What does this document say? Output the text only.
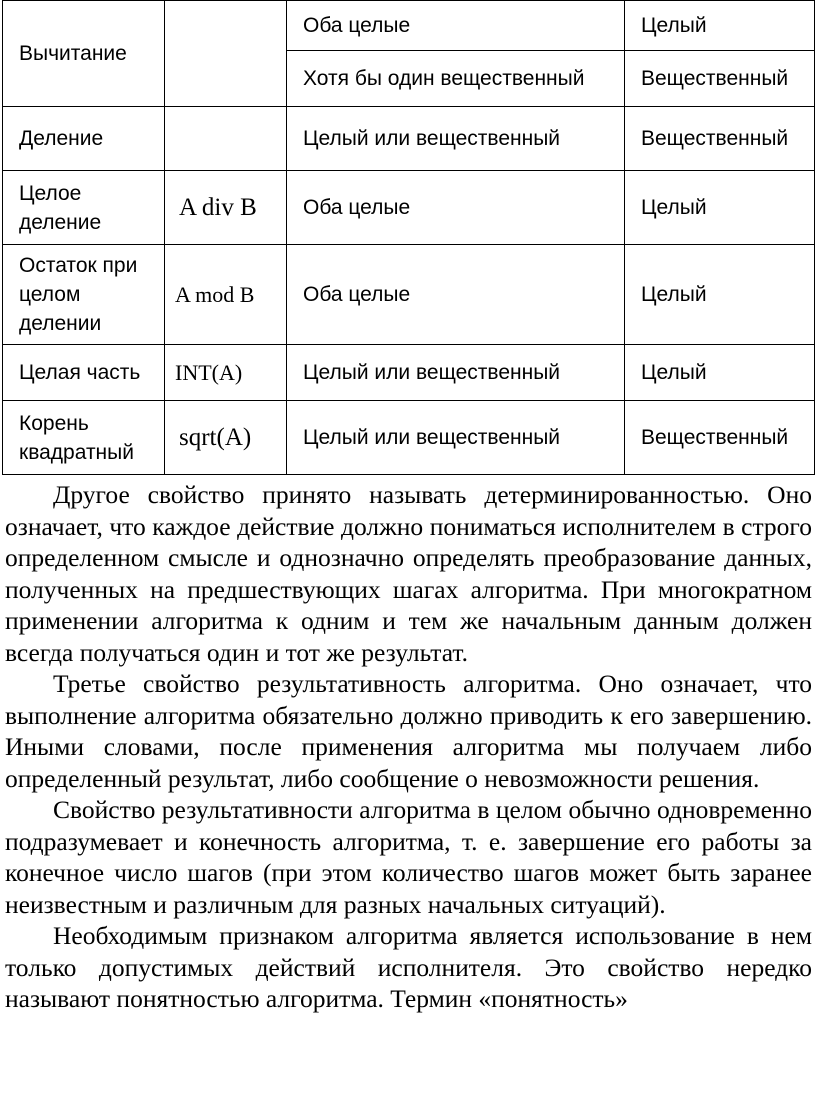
Вычитание		Оба целые	Целый
		Хотя бы один вещественный	Вещественный
Деление		Целый или вещественный	Вещественный
Целое деление	A div B	Оба целые	Целый
Остаток при целом делении	A mod B	Оба целые	Целый
Целая часть	INT(A)	Целый или вещественный	Целый
Корень квадратный	sqrt(A)	Целый или вещественный	Вещественный

Другое свойство принято называть детерминированностью. Оно означает, что каждое действие должно пониматься исполнителем в строго определенном смысле и однозначно определять преобразование данных, полученных на предшествующих шагах алгоритма. При многократном применении алгоритма к одним и тем же начальным данным должен всегда получаться один и тот же результат.

Третье свойство результативность алгоритма. Оно означает, что выполнение алгоритма обязательно должно приводить к его завершению. Иными словами, после применения алгоритма мы получаем либо определенный результат, либо сообщение о невозможности решения.

Свойство результативности алгоритма в целом обычно одновременно подразумевает и конечность алгоритма, т. е. завершение его работы за конечное число шагов (при этом количество шагов может быть заранее неизвестным и различным для разных начальных ситуаций).

Необходимым признаком алгоритма является использование в нем только допустимых действий исполнителя. Это свойство нередко называют понятностью алгоритма. Термин «понятность»
